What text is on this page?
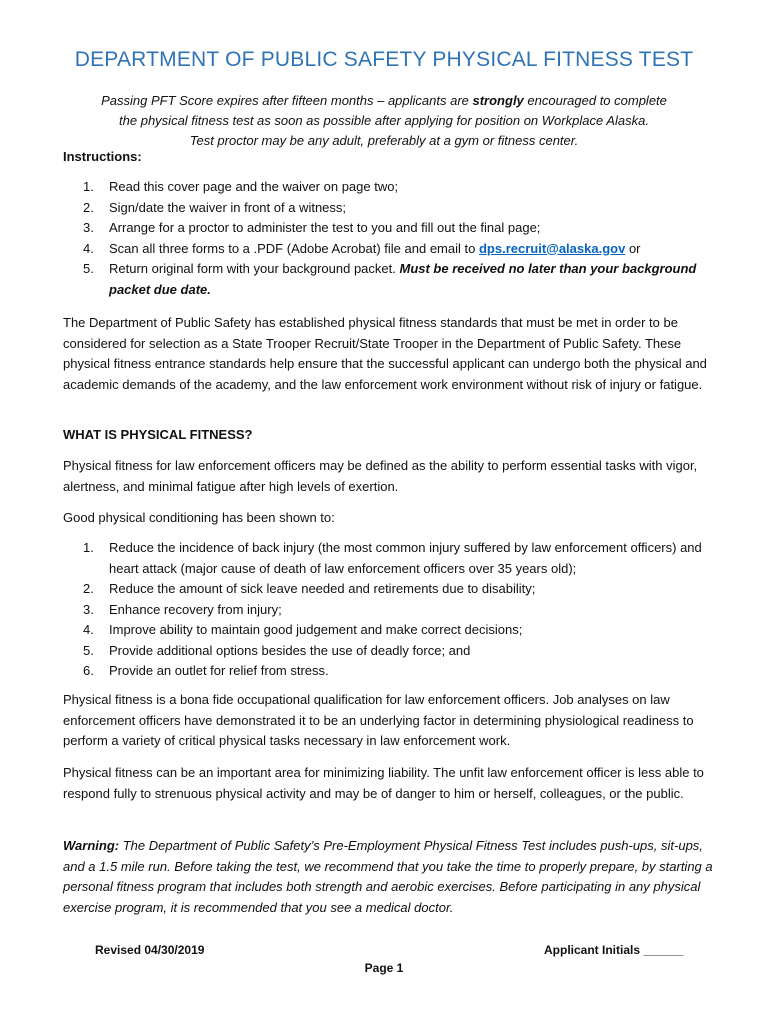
DEPARTMENT OF PUBLIC SAFETY PHYSICAL FITNESS TEST
Passing PFT Score expires after fifteen months – applicants are strongly encouraged to complete
the physical fitness test as soon as possible after applying for position on Workplace Alaska.
Test proctor may be any adult, preferably at a gym or fitness center.
Instructions:
1. Read this cover page and the waiver on page two;
2. Sign/date the waiver in front of a witness;
3. Arrange for a proctor to administer the test to you and fill out the final page;
4. Scan all three forms to a .PDF (Adobe Acrobat) file and email to dps.recruit@alaska.gov or
5. Return original form with your background packet. Must be received no later than your background packet due date.

The Department of Public Safety has established physical fitness standards that must be met in order to be considered for selection as a State Trooper Recruit/State Trooper in the Department of Public Safety. These physical fitness entrance standards help ensure that the successful applicant can undergo both the physical and academic demands of the academy, and the law enforcement work environment without risk of injury or fatigue.

WHAT IS PHYSICAL FITNESS?

Physical fitness for law enforcement officers may be defined as the ability to perform essential tasks with vigor, alertness, and minimal fatigue after high levels of exertion.

Good physical conditioning has been shown to:

1. Reduce the incidence of back injury (the most common injury suffered by law enforcement officers) and heart attack (major cause of death of law enforcement officers over 35 years old);
2. Reduce the amount of sick leave needed and retirements due to disability;
3. Enhance recovery from injury;
4. Improve ability to maintain good judgement and make correct decisions;
5. Provide additional options besides the use of deadly force; and
6. Provide an outlet for relief from stress.

Physical fitness is a bona fide occupational qualification for law enforcement officers. Job analyses on law enforcement officers have demonstrated it to be an underlying factor in determining physiological readiness to perform a variety of critical physical tasks necessary in law enforcement work.

Physical fitness can be an important area for minimizing liability. The unfit law enforcement officer is less able to respond fully to strenuous physical activity and may be of danger to him or herself, colleagues, or the public.

Warning: The Department of Public Safety’s Pre-Employment Physical Fitness Test includes push-ups, sit-ups, and a 1.5 mile run. Before taking the test, we recommend that you take the time to properly prepare, by starting a personal fitness program that includes both strength and aerobic exercises. Before participating in any physical exercise program, it is recommended that you see a medical doctor.

Revised 04/30/2019	Applicant Initials ______
Page 1
